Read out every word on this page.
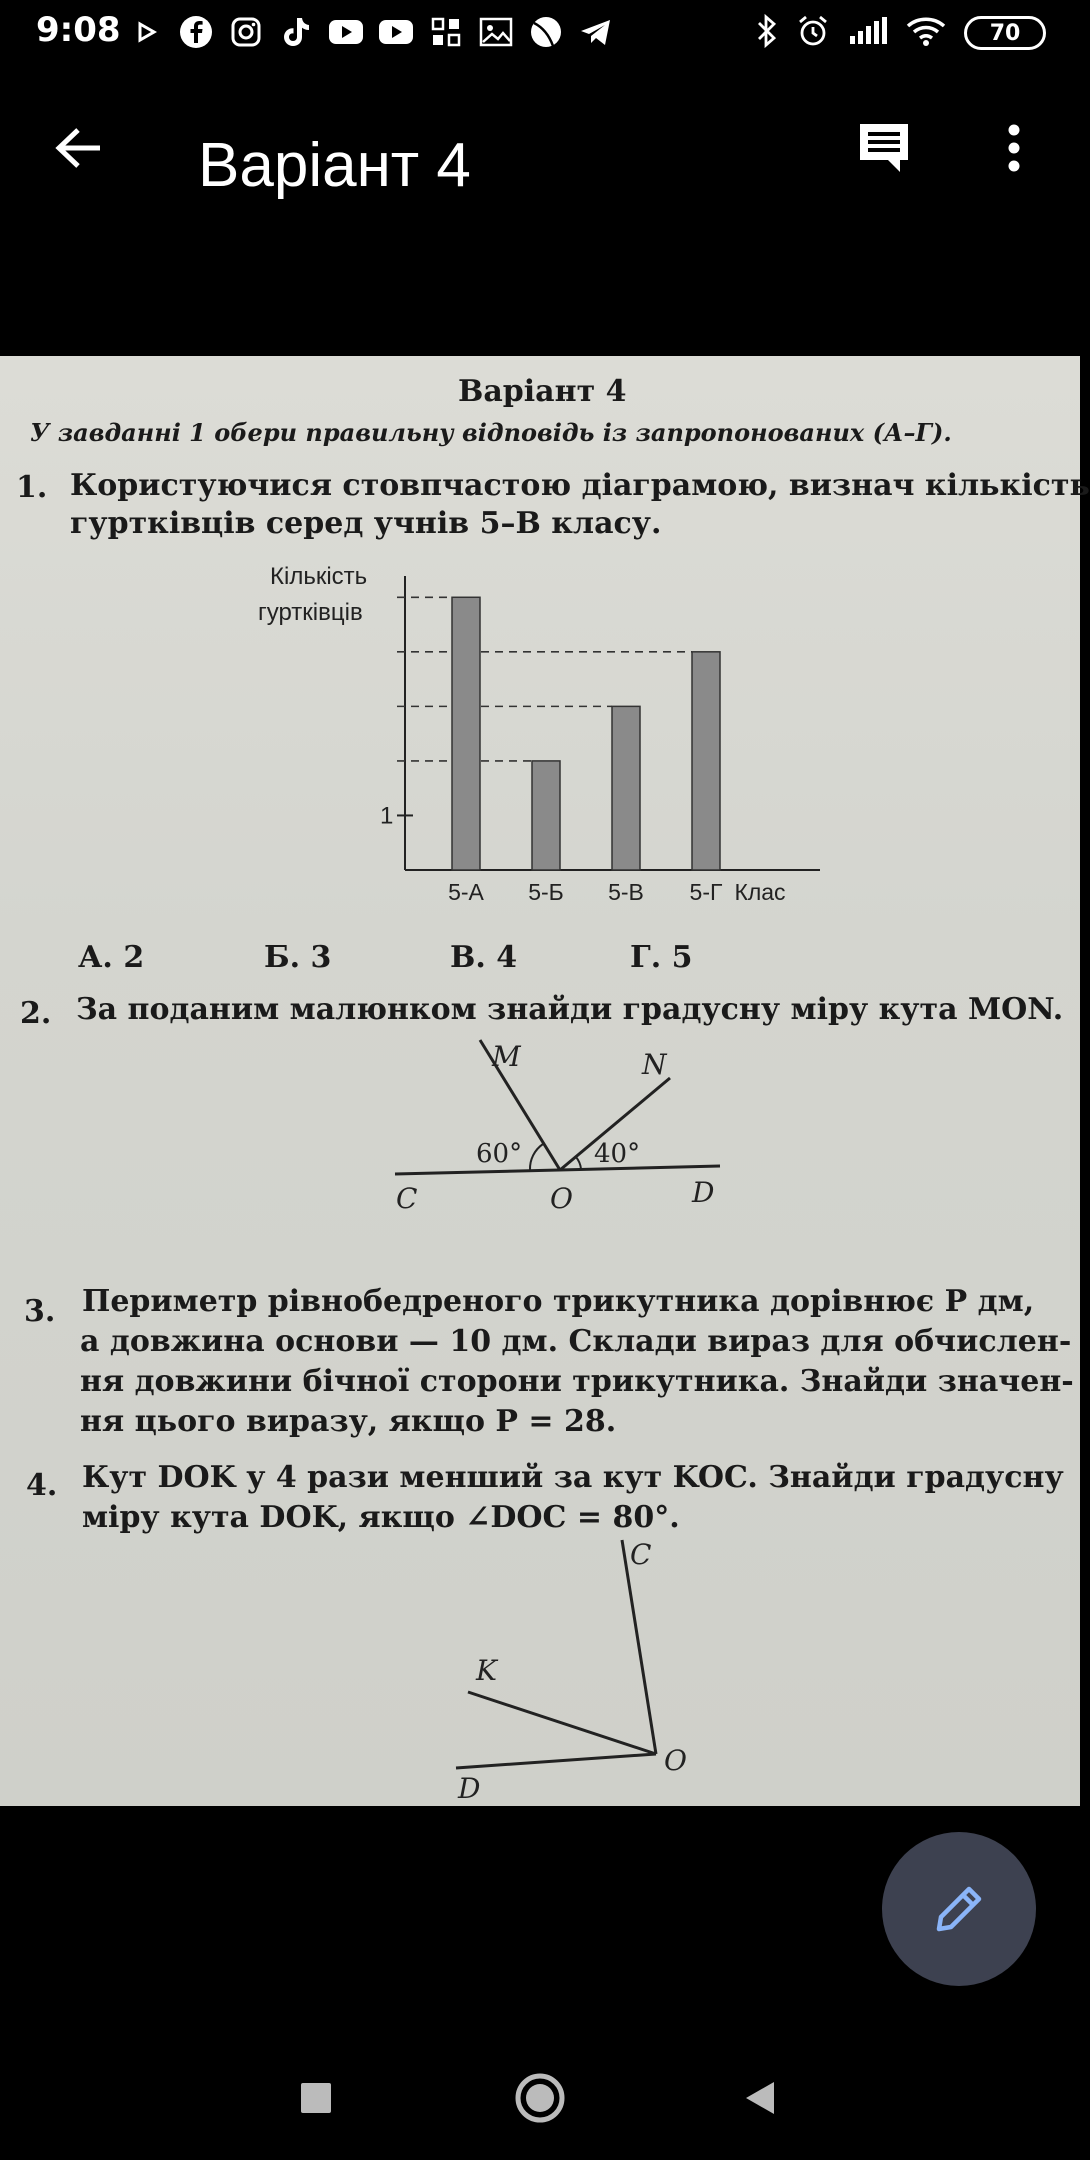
9:08	70
Варіант 4
Варіант 4
У завданні 1 обери правильну відповідь із запропонованих (А–Г).
1. Користуючися стовпчастою діаграмою, визнач кількість
гуртківців серед учнів 5–В класу.
Кількість
гуртківців
5-А 5-Б 5-В 5-Г Клас
1
А. 2	Б. 3	В. 4	Г. 5
2. За поданим малюнком знайди градусну міру кута MON.
M	N
60°	40°
C	O	D
3. Периметр рівнобедреного трикутника дорівнює P дм,
а довжина основи — 10 дм. Склади вираз для обчислен-
ня довжини бічної сторони трикутника. Знайди значен-
ня цього виразу, якщо P = 28.
4. Кут DOK у 4 рази менший за кут KOC. Знайди градусну
міру кута DOK, якщо ∠DOC = 80°.
C
K
O
D
